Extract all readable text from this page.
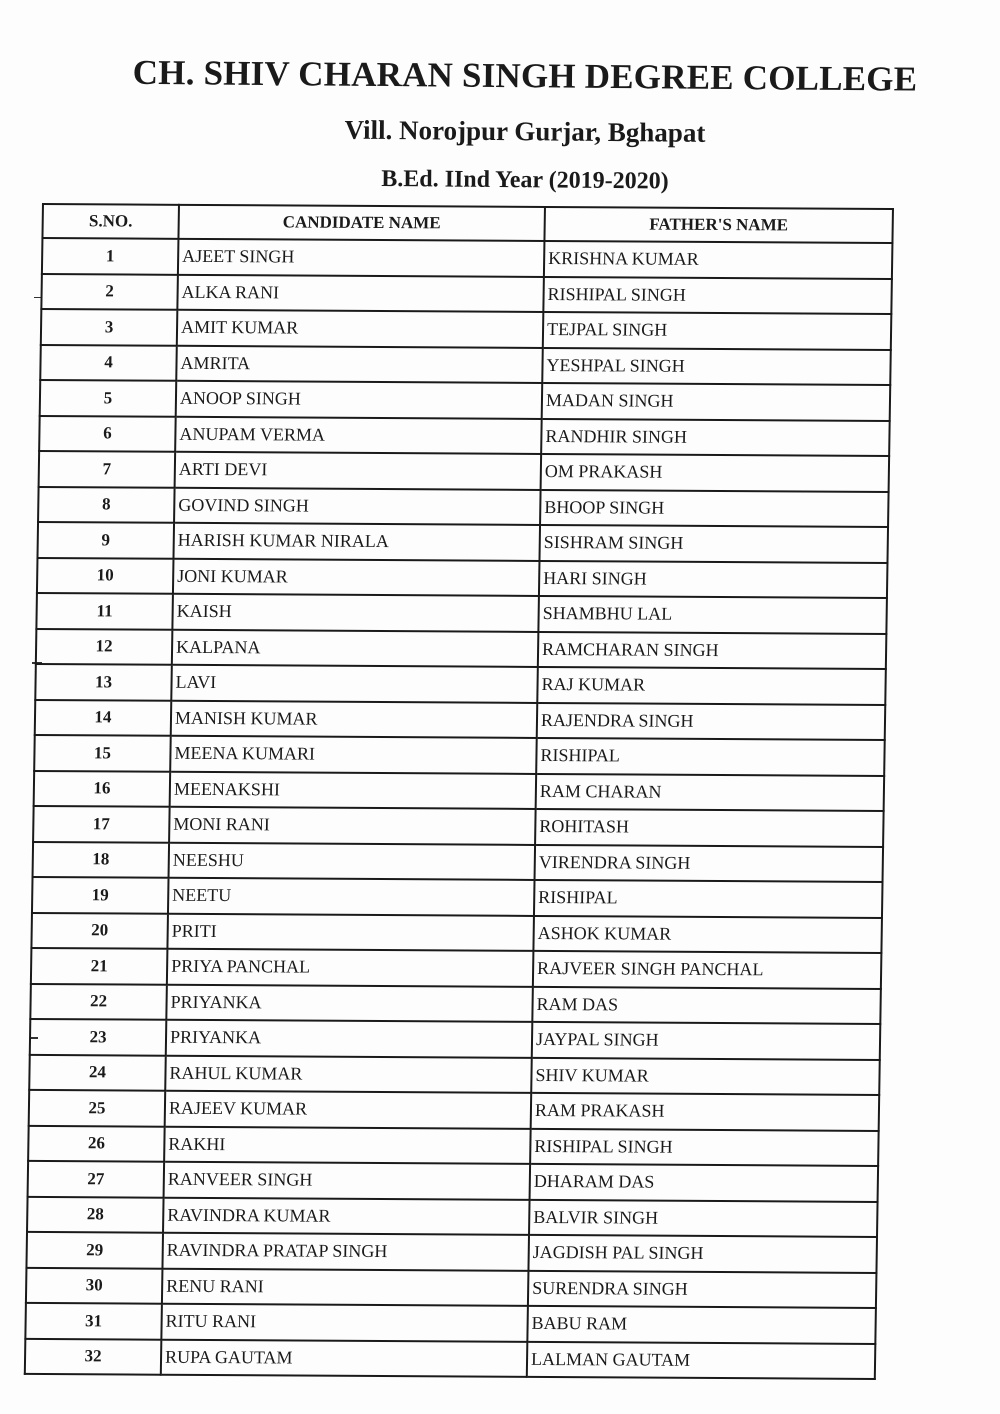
CH. SHIV CHARAN SINGH DEGREE COLLEGE
Vill. Norojpur Gurjar, Bghapat
B.Ed. IInd Year (2019-2020)
S.NO.	CANDIDATE NAME	FATHER'S NAME
1	AJEET SINGH	KRISHNA KUMAR
2	ALKA RANI	RISHIPAL SINGH
3	AMIT KUMAR	TEJPAL SINGH
4	AMRITA	YESHPAL SINGH
5	ANOOP SINGH	MADAN SINGH
6	ANUPAM VERMA	RANDHIR SINGH
7	ARTI DEVI	OM PRAKASH
8	GOVIND SINGH	BHOOP SINGH
9	HARISH KUMAR NIRALA	SISHRAM SINGH
10	JONI KUMAR	HARI SINGH
11	KAISH	SHAMBHU LAL
12	KALPANA	RAMCHARAN SINGH
13	LAVI	RAJ KUMAR
14	MANISH KUMAR	RAJENDRA SINGH
15	MEENA KUMARI	RISHIPAL
16	MEENAKSHI	RAM CHARAN
17	MONI RANI	ROHITASH
18	NEESHU	VIRENDRA SINGH
19	NEETU	RISHIPAL
20	PRITI	ASHOK KUMAR
21	PRIYA PANCHAL	RAJVEER SINGH PANCHAL
22	PRIYANKA	RAM DAS
23	PRIYANKA	JAYPAL SINGH
24	RAHUL KUMAR	SHIV KUMAR
25	RAJEEV KUMAR	RAM PRAKASH
26	RAKHI	RISHIPAL SINGH
27	RANVEER SINGH	DHARAM DAS
28	RAVINDRA KUMAR	BALVIR SINGH
29	RAVINDRA PRATAP SINGH	JAGDISH PAL SINGH
30	RENU RANI	SURENDRA SINGH
31	RITU RANI	BABU RAM
32	RUPA GAUTAM	LALMAN GAUTAM
